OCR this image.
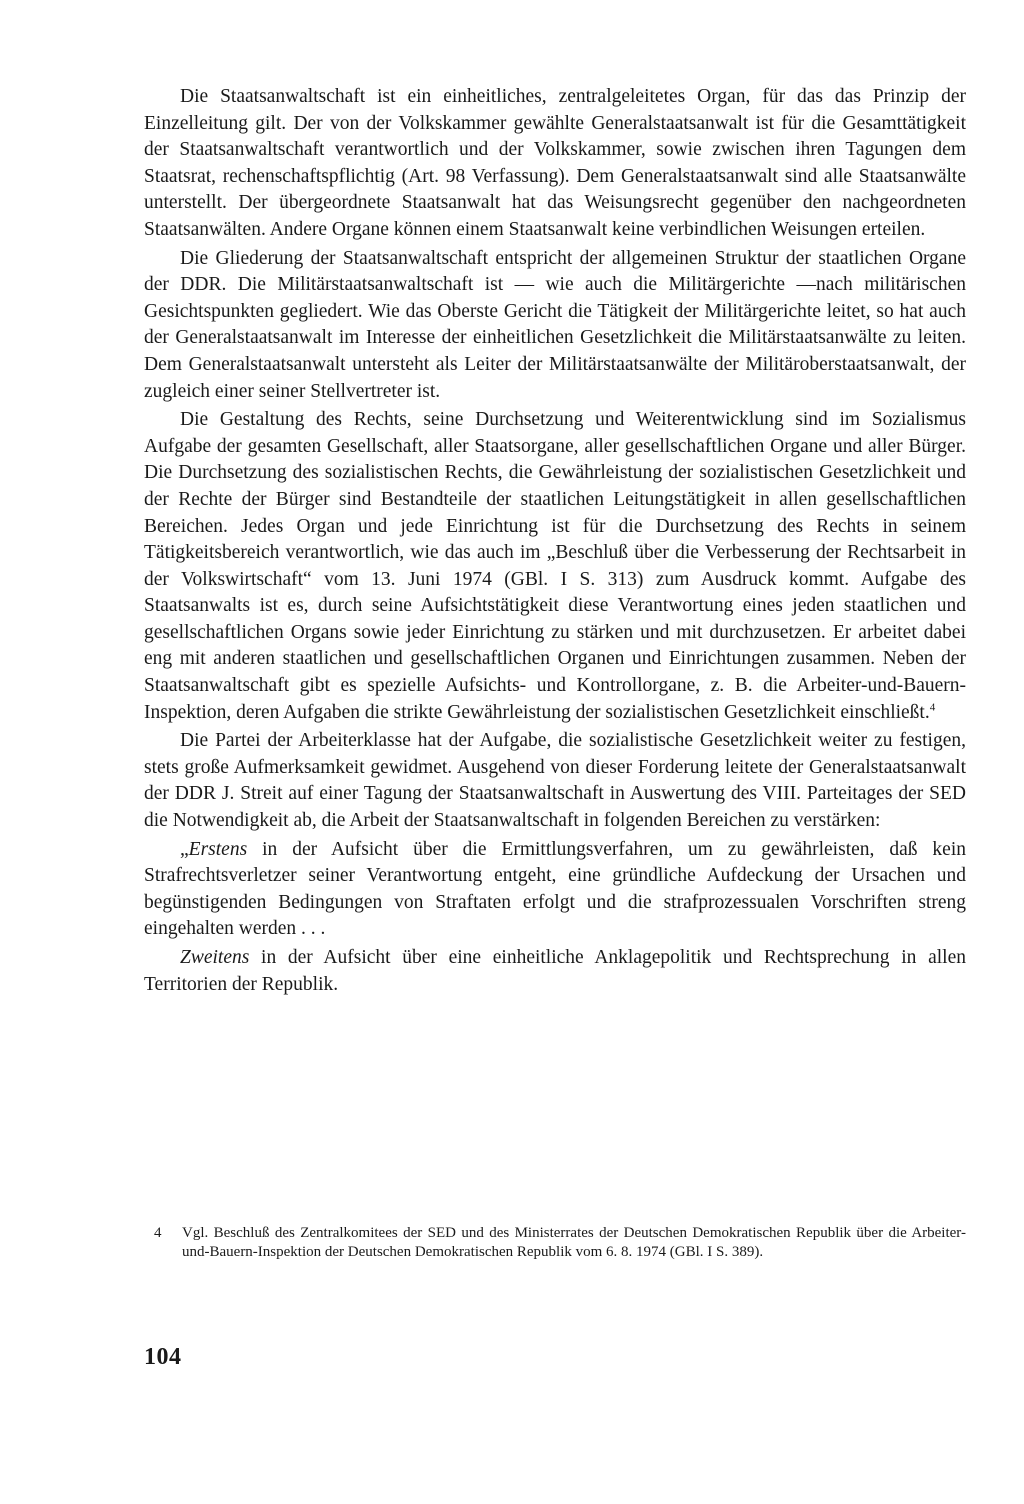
Die Staatsanwaltschaft ist ein einheitliches, zentralgeleitetes Organ, für das das Prinzip der Einzelleitung gilt. Der von der Volkskammer gewählte Generalstaatsanwalt ist für die Gesamttätigkeit der Staatsanwaltschaft verantwortlich und der Volkskammer, sowie zwischen ihren Tagungen dem Staatsrat, rechenschaftspflichtig (Art. 98 Verfassung). Dem Generalstaatsanwalt sind alle Staatsanwälte unterstellt. Der übergeordnete Staatsanwalt hat das Weisungsrecht gegenüber den nachgeordneten Staatsanwälten. Andere Organe können einem Staatsanwalt keine verbindlichen Weisungen erteilen.

Die Gliederung der Staatsanwaltschaft entspricht der allgemeinen Struktur der staatlichen Organe der DDR. Die Militärstaatsanwaltschaft ist — wie auch die Militärgerichte —nach militärischen Gesichtspunkten gegliedert. Wie das Oberste Gericht die Tätigkeit der Militärgerichte leitet, so hat auch der Generalstaatsanwalt im Interesse der einheitlichen Gesetzlichkeit die Militärstaatsanwälte zu leiten. Dem Generalstaatsanwalt untersteht als Leiter der Militärstaatsanwälte der Militäroberstaatsanwalt, der zugleich einer seiner Stellvertreter ist.

Die Gestaltung des Rechts, seine Durchsetzung und Weiterentwicklung sind im Sozialismus Aufgabe der gesamten Gesellschaft, aller Staatsorgane, aller gesellschaftlichen Organe und aller Bürger. Die Durchsetzung des sozialistischen Rechts, die Gewährleistung der sozialistischen Gesetzlichkeit und der Rechte der Bürger sind Bestandteile der staatlichen Leitungstätigkeit in allen gesellschaftlichen Bereichen. Jedes Organ und jede Einrichtung ist für die Durchsetzung des Rechts in seinem Tätigkeitsbereich verantwortlich, wie das auch im „Beschluß über die Verbesserung der Rechtsarbeit in der Volkswirtschaft“ vom 13. Juni 1974 (GBl. I S. 313) zum Ausdruck kommt. Aufgabe des Staatsanwalts ist es, durch seine Aufsichtstätigkeit diese Verantwortung eines jeden staatlichen und gesellschaftlichen Organs sowie jeder Einrichtung zu stärken und mit durchzusetzen. Er arbeitet dabei eng mit anderen staatlichen und gesellschaftlichen Organen und Einrichtungen zusammen. Neben der Staatsanwaltschaft gibt es spezielle Aufsichts- und Kontrollorgane, z. B. die Arbeiter-und-Bauern-Inspektion, deren Aufgaben die strikte Gewährleistung der sozialistischen Gesetzlichkeit einschließt.$^4$

Die Partei der Arbeiterklasse hat der Aufgabe, die sozialistische Gesetzlichkeit weiter zu festigen, stets große Aufmerksamkeit gewidmet. Ausgehend von dieser Forderung leitete der Generalstaatsanwalt der DDR J. Streit auf einer Tagung der Staatsanwaltschaft in Auswertung des VIII. Parteitages der SED die Notwendigkeit ab, die Arbeit der Staatsanwaltschaft in folgenden Bereichen zu verstärken:

„Erstens in der Aufsicht über die Ermittlungsverfahren, um zu gewährleisten, daß kein Strafrechtsverletzer seiner Verantwortung entgeht, eine gründliche Aufdeckung der Ursachen und begünstigenden Bedingungen von Straftaten erfolgt und die strafprozessualen Vorschriften streng eingehalten werden . . .

Zweitens in der Aufsicht über eine einheitliche Anklagepolitik und Rechtsprechung in allen Territorien der Republik.

4	Vgl. Beschluß des Zentralkomitees der SED und des Ministerrates der Deutschen Demokratischen Republik über die Arbeiter-und-Bauern-Inspektion der Deutschen Demokratischen Republik vom 6. 8. 1974 (GBl. I S. 389).

104
